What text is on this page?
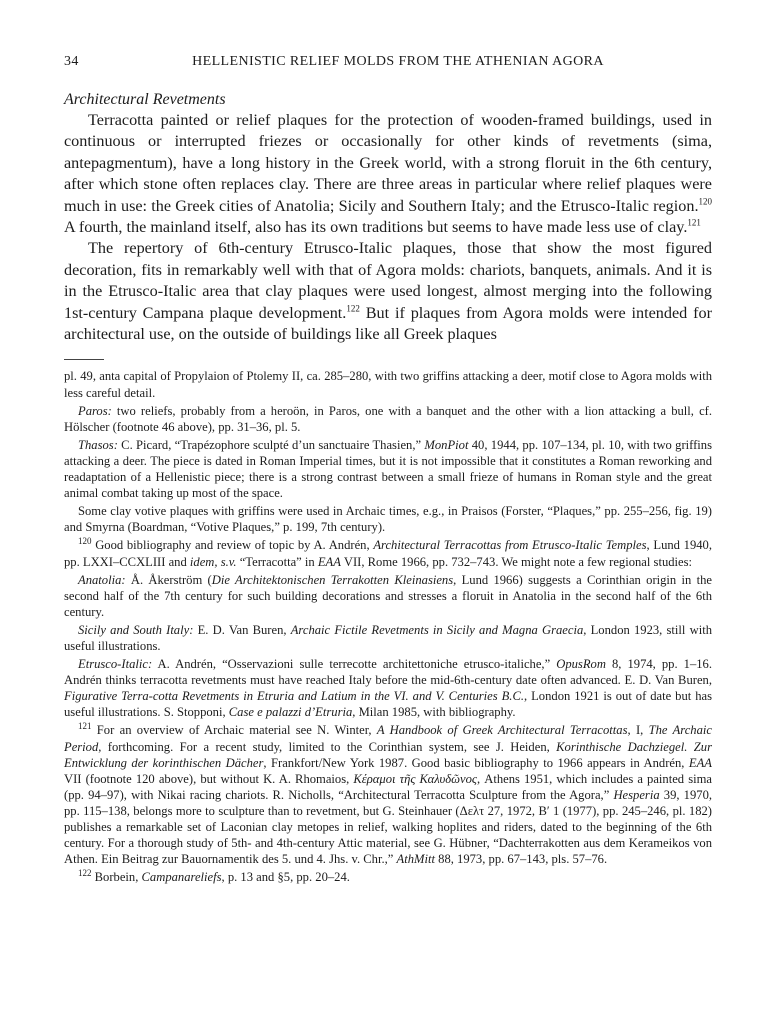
34	HELLENISTIC RELIEF MOLDS FROM THE ATHENIAN AGORA
Architectural Revetments

Terracotta painted or relief plaques for the protection of wooden-framed buildings, used in continuous or interrupted friezes or occasionally for other kinds of revetments (sima, antepagmentum), have a long history in the Greek world, with a strong floruit in the 6th century, after which stone often replaces clay. There are three areas in particular where relief plaques were much in use: the Greek cities of Anatolia; Sicily and Southern Italy; and the Etrusco-Italic region.$^{120}$ A fourth, the mainland itself, also has its own traditions but seems to have made less use of clay.$^{121}$

The repertory of 6th-century Etrusco-Italic plaques, those that show the most figured decoration, fits in remarkably well with that of Agora molds: chariots, banquets, animals. And it is in the Etrusco-Italic area that clay plaques were used longest, almost merging into the following 1st-century Campana plaque development.$^{122}$ But if plaques from Agora molds were intended for architectural use, on the outside of buildings like all Greek plaques

pl. 49, anta capital of Propylaion of Ptolemy II, ca. 285–280, with two griffins attacking a deer, motif close to Agora molds with less careful detail.

Paros: two reliefs, probably from a heroön, in Paros, one with a banquet and the other with a lion attacking a bull, cf. Hölscher (footnote 46 above), pp. 31–36, pl. 5.

Thasos: C. Picard, “Trapézophore sculpté d’un sanctuaire Thasien,” MonPiot 40, 1944, pp. 107–134, pl. 10, with two griffins attacking a deer. The piece is dated in Roman Imperial times, but it is not impossible that it constitutes a Roman reworking and readaptation of a Hellenistic piece; there is a strong contrast between a small frieze of humans in Roman style and the great animal combat taking up most of the space.

Some clay votive plaques with griffins were used in Archaic times, e.g., in Praisos (Forster, “Plaques,” pp. 255–256, fig. 19) and Smyrna (Boardman, “Votive Plaques,” p. 199, 7th century).

$^{120}$ Good bibliography and review of topic by A. Andrén, Architectural Terracottas from Etrusco-Italic Temples, Lund 1940, pp. LXXI–CCXLIII and idem, s.v. “Terracotta” in EAA VII, Rome 1966, pp. 732–743. We might note a few regional studies:

Anatolia: Å. Åkerström (Die Architektonischen Terrakotten Kleinasiens, Lund 1966) suggests a Corinthian origin in the second half of the 7th century for such building decorations and stresses a floruit in Anatolia in the second half of the 6th century.

Sicily and South Italy: E. D. Van Buren, Archaic Fictile Revetments in Sicily and Magna Graecia, London 1923, still with useful illustrations.

Etrusco-Italic: A. Andrén, “Osservazioni sulle terrecotte architettoniche etrusco-italiche,” OpusRom 8, 1974, pp. 1–16. Andrén thinks terracotta revetments must have reached Italy before the mid-6th-century date often advanced. E. D. Van Buren, Figurative Terra-cotta Revetments in Etruria and Latium in the VI. and V. Centuries B.C., London 1921 is out of date but has useful illustrations. S. Stopponi, Case e palazzi d’Etruria, Milan 1985, with bibliography.

$^{121}$ For an overview of Archaic material see N. Winter, A Handbook of Greek Architectural Terracottas, I, The Archaic Period, forthcoming. For a recent study, limited to the Corinthian system, see J. Heiden, Korinthische Dachziegel. Zur Entwicklung der korinthischen Dächer, Frankfort/New York 1987. Good basic bibliography to 1966 appears in Andrén, EAA VII (footnote 120 above), but without K. A. Rhomaios, Κέραμοι τῆς Καλυδῶνος, Athens 1951, which includes a painted sima (pp. 94–97), with Nikai racing chariots. R. Nicholls, “Architectural Terracotta Sculpture from the Agora,” Hesperia 39, 1970, pp. 115–138, belongs more to sculpture than to revetment, but G. Steinhauer (Δελτ 27, 1972, B′ 1 (1977), pp. 245–246, pl. 182) publishes a remarkable set of Laconian clay metopes in relief, walking hoplites and riders, dated to the beginning of the 6th century. For a thorough study of 5th- and 4th-century Attic material, see G. Hübner, “Dachterrakotten aus dem Kerameikos von Athen. Ein Beitrag zur Bauornamentik des 5. und 4. Jhs. v. Chr.,” AthMitt 88, 1973, pp. 67–143, pls. 57–76.

$^{122}$ Borbein, Campanareliefs, p. 13 and §5, pp. 20–24.
